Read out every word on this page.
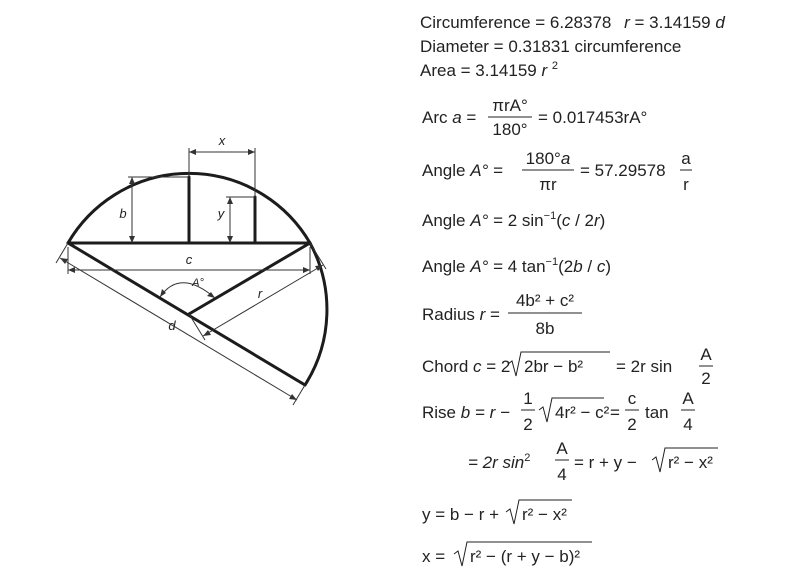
x
b	y
c
A°
r
d
Circumference = 6.28378 r = 3.14159 d
Diameter = 0.31831 circumference
Area = 3.14159 r $^2$
Arc a =
πrA°
180°
= 0.017453rA°
Angle A° =
180°a
πr
= 57.29578
a
r
Angle A° = 2 $\sin^{-1}(c / 2r)$
Angle A° = 4 $\tan^{-1}(2b / c)$
Radius r =
4b² + c²
8b
Chord c = 2 2br − b² = 2r sin
A
2
Rise b = r −
1
2
4r² − c² =
c
2
tan
A
4
= 2r $\sin^2 A$
4
= r + y − r² − x²
y = b − r + r² − x²
x = r² − (r + y − b)²
